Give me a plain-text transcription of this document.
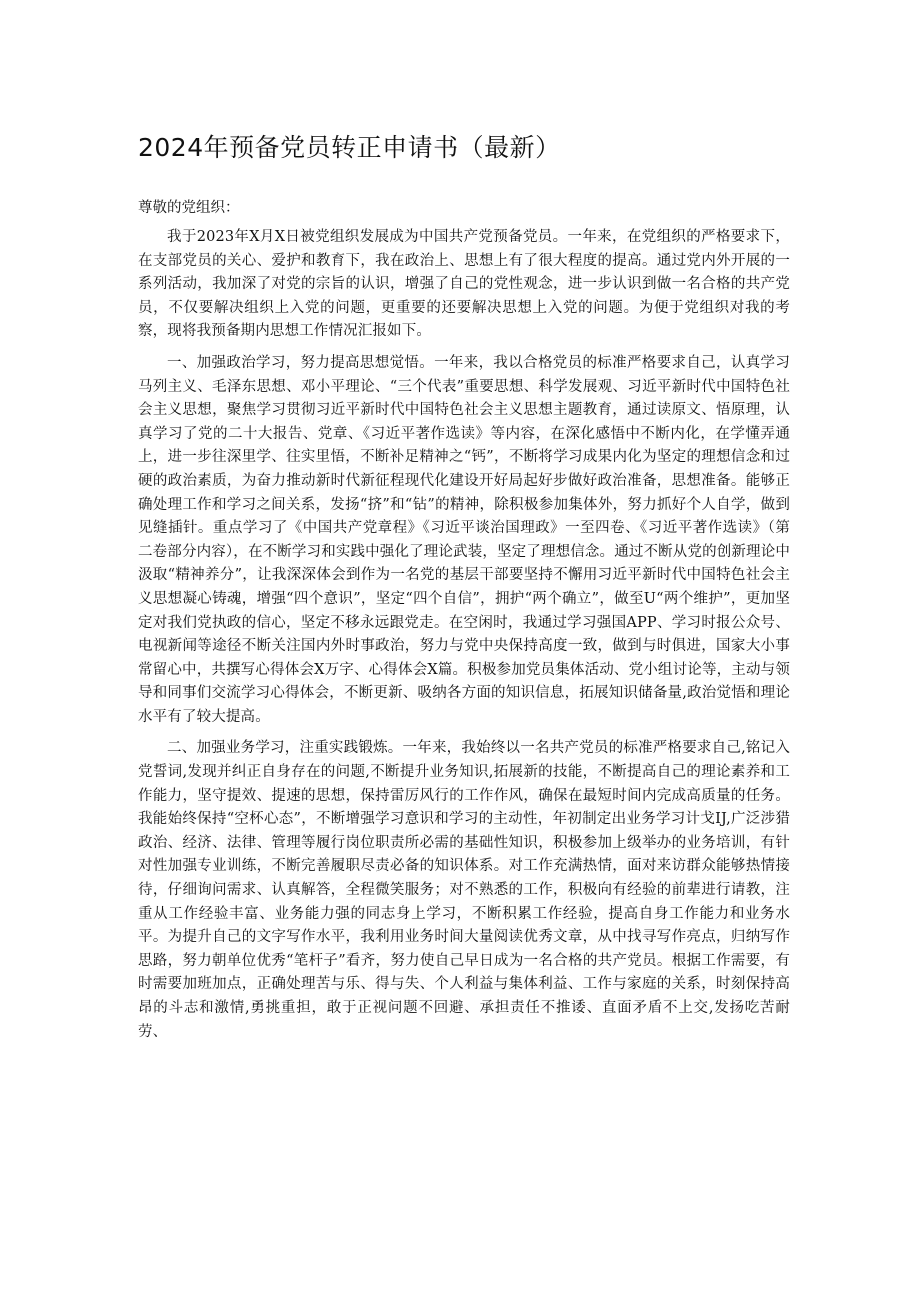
2024年预备党员转正申请书（最新）

尊敬的党组织：

我于2023年X月X日被党组织发展成为中国共产党预备党员。一年来，在党组织的严格要求下，在支部党员的关心、爱护和教育下，我在政治上、思想上有了很大程度的提高。通过党内外开展的一系列活动，我加深了对党的宗旨的认识，增强了自己的党性观念，进一步认识到做一名合格的共产党员，不仅要解决组织上入党的问题，更重要的还要解决思想上入党的问题。为便于党组织对我的考察，现将我预备期内思想工作情况汇报如下。

一、加强政治学习，努力提高思想觉悟。一年来，我以合格党员的标准严格要求自己，认真学习马列主义、毛泽东思想、邓小平理论、“三个代表”重要思想、科学发展观、习近平新时代中国特色社会主义思想，聚焦学习贯彻习近平新时代中国特色社会主义思想主题教育，通过读原文、悟原理，认真学习了党的二十大报告、党章、《习近平著作选读》等内容，在深化感悟中不断内化，在学懂弄通上，进一步往深里学、往实里悟，不断补足精神之“钙”，不断将学习成果内化为坚定的理想信念和过硬的政治素质，为奋力推动新时代新征程现代化建设开好局起好步做好政治准备，思想准备。能够正确处理工作和学习之间关系，发扬“挤”和“钻”的精神，除积极参加集体外，努力抓好个人自学，做到见缝插针。重点学习了《中国共产党章程》《习近平谈治国理政》一至四卷、《习近平著作选读》（第二卷部分内容），在不断学习和实践中强化了理论武装，坚定了理想信念。通过不断从党的创新理论中汲取“精神养分”，让我深深体会到作为一名党的基层干部要坚持不懈用习近平新时代中国特色社会主义思想凝心铸魂，增强“四个意识”，坚定“四个自信”，拥护“两个确立”，做至U“两个维护”，更加坚定对我们党执政的信心，坚定不移永远跟党走。在空闲时，我通过学习强国APP、学习时报公众号、电视新闻等途径不断关注国内外时事政治，努力与党中央保持高度一致，做到与时俱进，国家大小事常留心中，共撰写心得体会X万字、心得体会X篇。积极参加党员集体活动、党小组讨论等，主动与领导和同事们交流学习心得体会，不断更新、吸纳各方面的知识信息，拓展知识储备量,政治觉悟和理论水平有了较大提高。

二、加强业务学习，注重实践锻炼。一年来，我始终以一名共产党员的标准严格要求自己,铭记入党誓词,发现并纠正自身存在的问题,不断提升业务知识,拓展新的技能，不断提高自己的理论素养和工作能力，坚守提效、提速的思想，保持雷厉风行的工作作风，确保在最短时间内完成高质量的任务。我能始终保持“空杯心态”，不断增强学习意识和学习的主动性，年初制定出业务学习计戈IJ,广泛涉猎政治、经济、法律、管理等履行岗位职责所必需的基础性知识，积极参加上级举办的业务培训，有针对性加强专业训练，不断完善履职尽责必备的知识体系。对工作充满热情，面对来访群众能够热情接待，仔细询问需求、认真解答，全程微笑服务；对不熟悉的工作，积极向有经验的前辈进行请教，注重从工作经验丰富、业务能力强的同志身上学习，不断积累工作经验，提高自身工作能力和业务水平。为提升自己的文字写作水平，我利用业务时间大量阅读优秀文章，从中找寻写作亮点，归纳写作思路，努力朝单位优秀“笔杆子”看齐，努力使自己早日成为一名合格的共产党员。根据工作需要，有时需要加班加点，正确处理苦与乐、得与失、个人利益与集体利益、工作与家庭的关系，时刻保持高昂的斗志和激情,勇挑重担，敢于正视问题不回避、承担责任不推诿、直面矛盾不上交,发扬吃苦耐劳、
